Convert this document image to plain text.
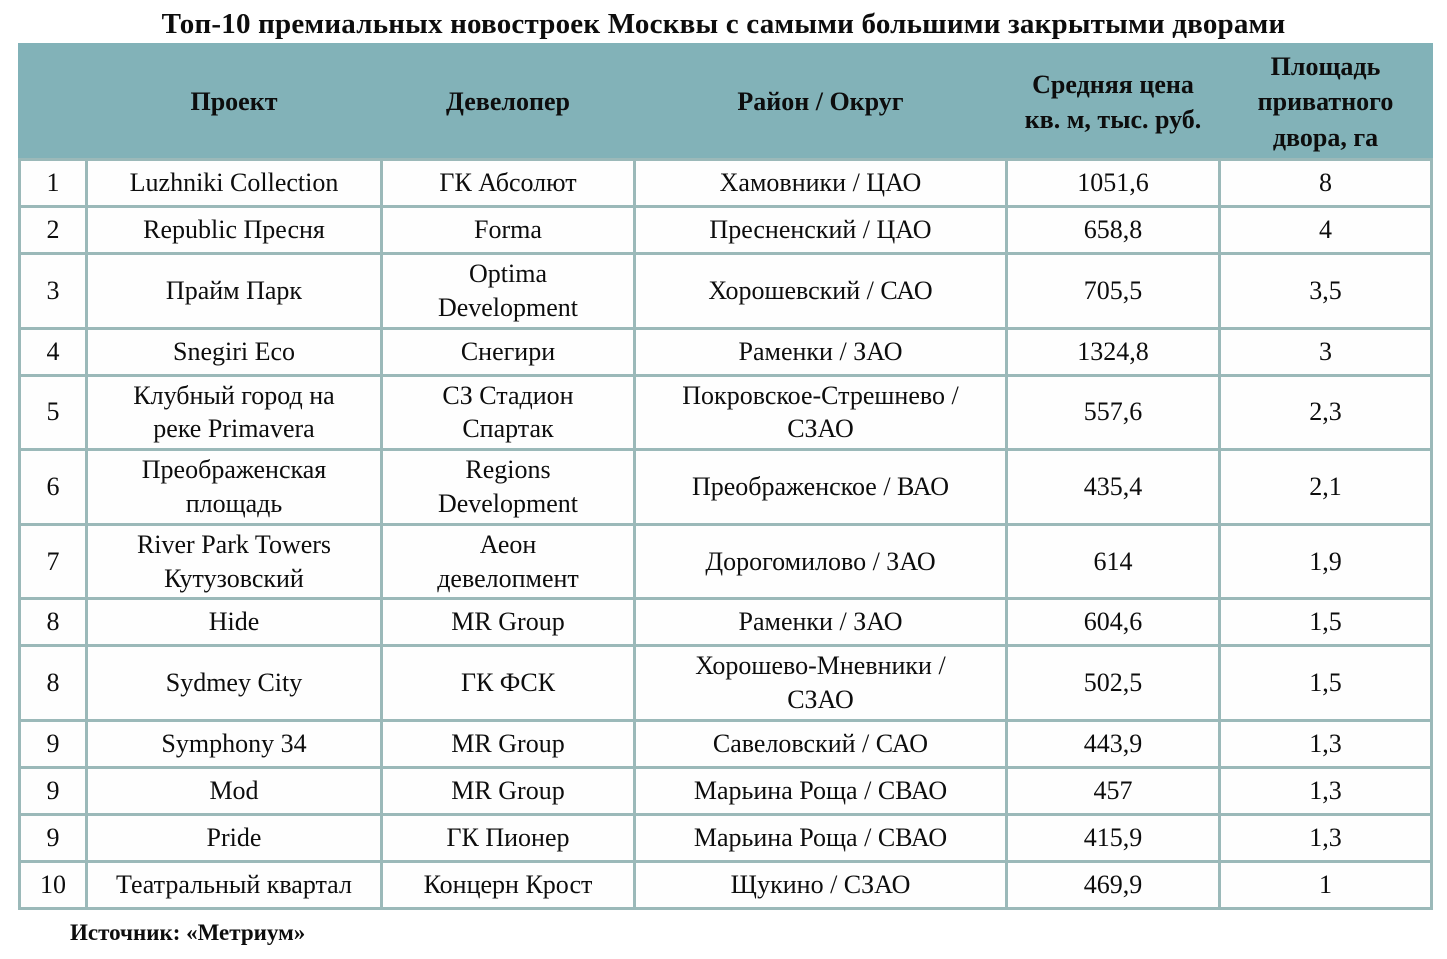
Топ-10 премиальных новостроек Москвы с самыми большими закрытыми дворами
	Проект	Девелопер	Район / Округ	Средняя цена кв. м, тыс. руб.	Площадь приватного двора, га
1	Luzhniki Collection	ГК Абсолют	Хамовники / ЦАО	1051,6	8
2	Republic Пресня	Forma	Пресненский / ЦАО	658,8	4
3	Прайм Парк	Optima Development	Хорошевский / САО	705,5	3,5
4	Snegiri Eco	Снегири	Раменки / ЗАО	1324,8	3
5	Клубный город на реке Primavera	СЗ Стадион Спартак	Покровское-Стрешнево / СЗАО	557,6	2,3
6	Преображенская площадь	Regions Development	Преображенское / ВАО	435,4	2,1
7	River Park Towers Кутузовский	Аеон девелопмент	Дорогомилово / ЗАО	614	1,9
8	Hide	MR Group	Раменки / ЗАО	604,6	1,5
8	Sydmey City	ГК ФСК	Хорошево-Мневники / СЗАО	502,5	1,5
9	Symphony 34	MR Group	Савеловский / САО	443,9	1,3
9	Mod	MR Group	Марьина Роща / СВАО	457	1,3
9	Pride	ГК Пионер	Марьина Роща / СВАО	415,9	1,3
10	Театральный квартал	Концерн Крост	Щукино / СЗАО	469,9	1
Источник: «Метриум»
